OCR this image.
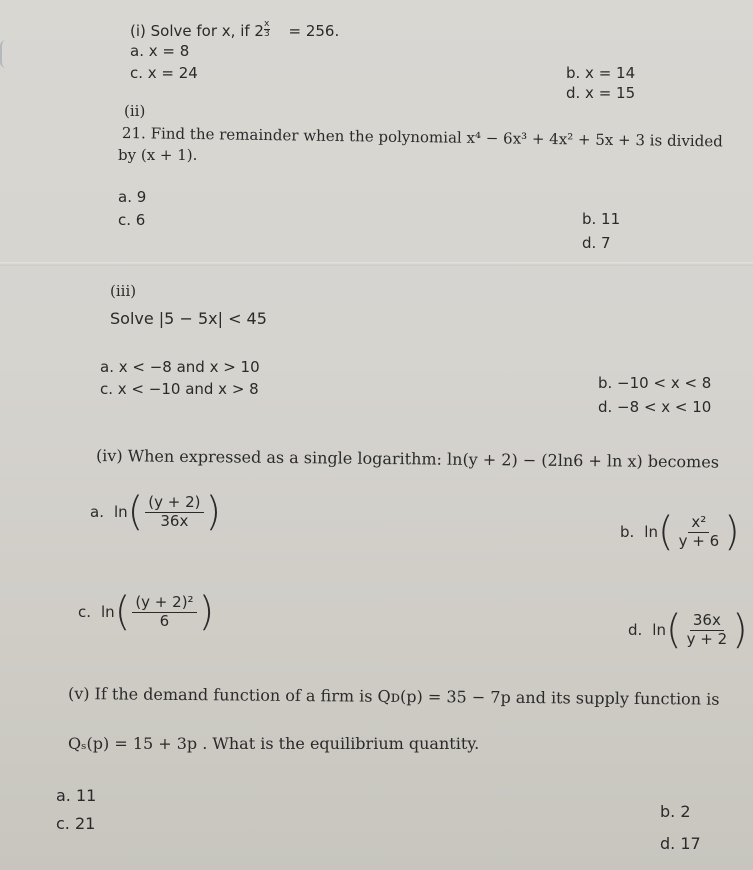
(i) Solve for x, if 2 $^{\frac{x}{3}}$ = 256.
a. x = 8
c. x = 24	b. x = 14
d. x = 15
(ii)
21. Find the remainder when the polynomial x⁴ − 6x³ + 4x² + 5x + 3 is divided
by (x + 1).
a. 9
c. 6	b. 11
d. 7
(iii)
Solve |5 − 5x| < 45
a. x < −8 and x > 10
c. x < −10 and x > 8	b. −10 < x < 8
d. −8 < x < 10
(iv) When expressed as a single logarithm: ln(y + 2) − (2ln6 + ln x) becomes
a. ln ( $\frac{(y + 2)}{36x}$ )	b. ln ( $\frac{\text{x²}}{y + 6}$ )
c. ln ( $\frac{\text{(y + 2)²}}{6}$ )	d. ln ( $\frac{36x}{y + 2}$ )
(v) If the demand function of a firm is Qᴅ(p) = 35 − 7p and its supply function is
Qₛ(p) = 15 + 3p . What is the equilibrium quantity.
a. 11
c. 21
b. 2
d. 17
